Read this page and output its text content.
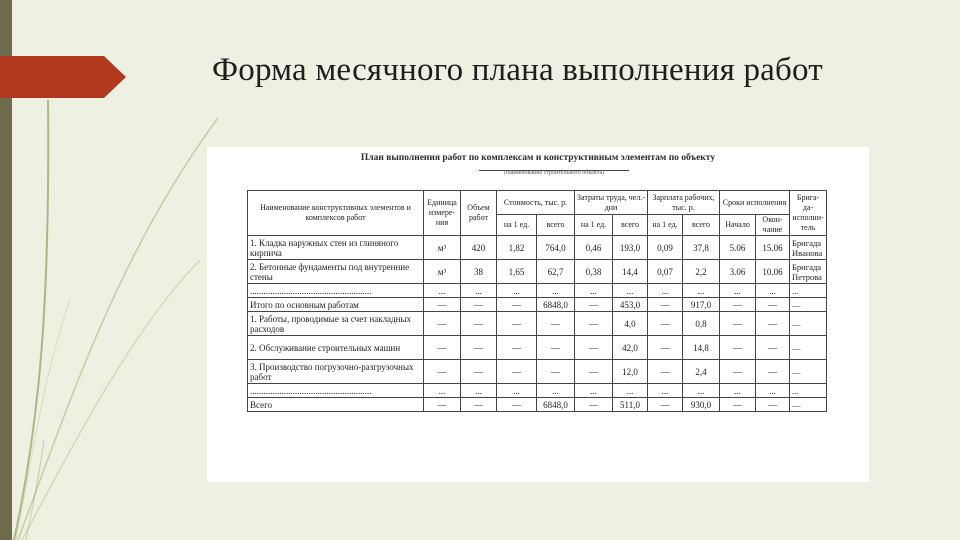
Форма месячного плана выполнения работ
План выполнения работ по комплексам и конструктивным элементам по объекту
(наименование строительного объекта)
Наименование конструктивных элементов и комплексов работ	Единица измере-ния	Объем работ	Стоимость, тыс. р.		Затраты труда, чел.-дни		Зарплата рабочих, тыс. р.		Сроки исполнения		Брига-да-исполни-тель
			на 1 ед.	всего	на 1 ед.	всего	на 1 ед.	всего	Начало	Окон-чание	
1. Кладка наружных стен из глиняного кирпича	м³	420	1,82	764,0	0,46	193,0	0,09	37,8	5.06	15.06	Бригада Иванова
2. Бетонные фундаменты под внутренние стены	м³	38	1,65	62,7	0,38	14,4	0,07	2,2	3.06	10.06	Бригада Петрова
......................................................	...	...	...	...	...	...	...	...	...	...	...
Итого по основным работам	—	—	—	6848,0	—	453,0	—	917,0	—	—	—
1. Работы, проводимые за счет накладных расходов	—	—	—	—	—	4,0	—	0,8	—	—	—
2. Обслуживание строительных машин	—	—	—	—	—	42,0	—	14,8	—	—	—
3. Производство погрузочно-разгрузочных работ	—	—	—	—	—	12,0	—	2,4	—	—	—
......................................................	...	...	...	...	...	...	...	...	...	...	...
Всего	—	—	—	6848,0	—	511,0	—	930,0	—	—	—
